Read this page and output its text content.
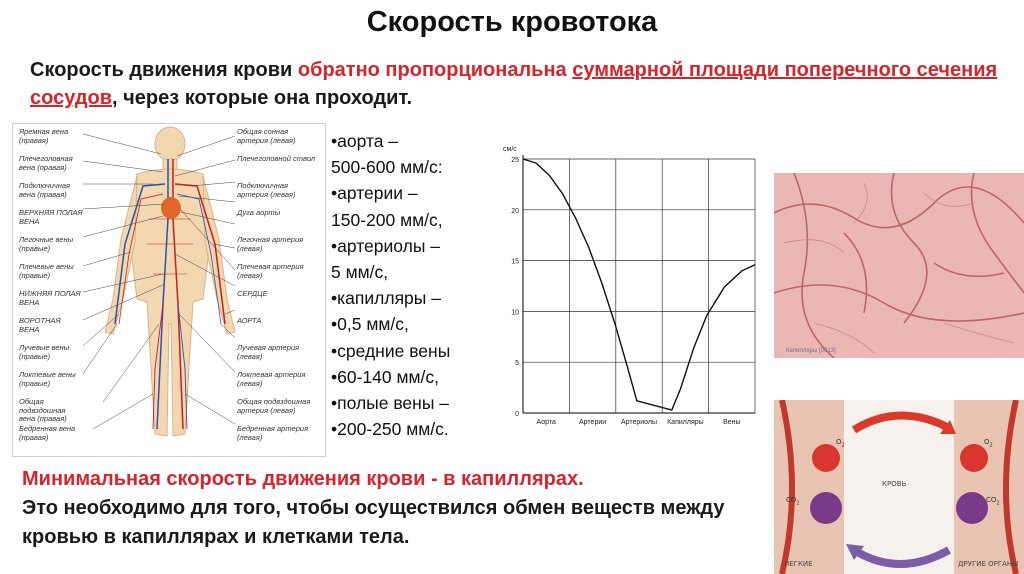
Скорость кровотока
Скорость движения крови обратно пропорциональна суммарной площади поперечного сечения сосудов, через которые она проходит.
Яремная вена (правая)
Плечеголовная вена (правая)
Подключичная вена (правая)
ВЕРХНЯЯ ПОЛАЯ ВЕНА
Легочные вены (правые)
Плечевые вены (правые)
НИЖНЯЯ ПОЛАЯ ВЕНА
ВОРОТНАЯ ВЕНА
Лучевые вены (правые)
Локтевые вены (правые)
Общая подвздошная вена (правая)
Бедренная вена (правая)
Общая сонная артерия (левая)
Плечеголовной ствол
Подключичная артерия (левая)
Дуга аорты
Легочная артерия (левая)
Плечевая артерия (левая)
СЕРДЦЕ
АОРТА
Лучевая артерия (левая)
Локтевая артерия (левая)
Общая подвздошная артерия (левая)
Бедренная артерия (левая)
•аорта –
500-600 мм/с:
•артерии –
150-200 мм/с,
•артериолы –
5 мм/с,
•капилляры –
•0,5 мм/с,
•средние вены
•60-140 мм/с,
•полые вены –
•200-250 мм/с.
25
20
15
10
5
0
см/с
Аорта	Артерии Артериолы Капилляры	Вены
Капилляры [0613]
КРОВЬ
ЛЕГКИЕ	ДРУГИЕ ОРГАНЫ
$O_2$
$CO_2$
$O_2$
$CO_2$
Минимальная скорость движения крови - в капиллярах.
Это необходимо для того, чтобы осуществился обмен веществ между кровью в капиллярах и клетками тела.
